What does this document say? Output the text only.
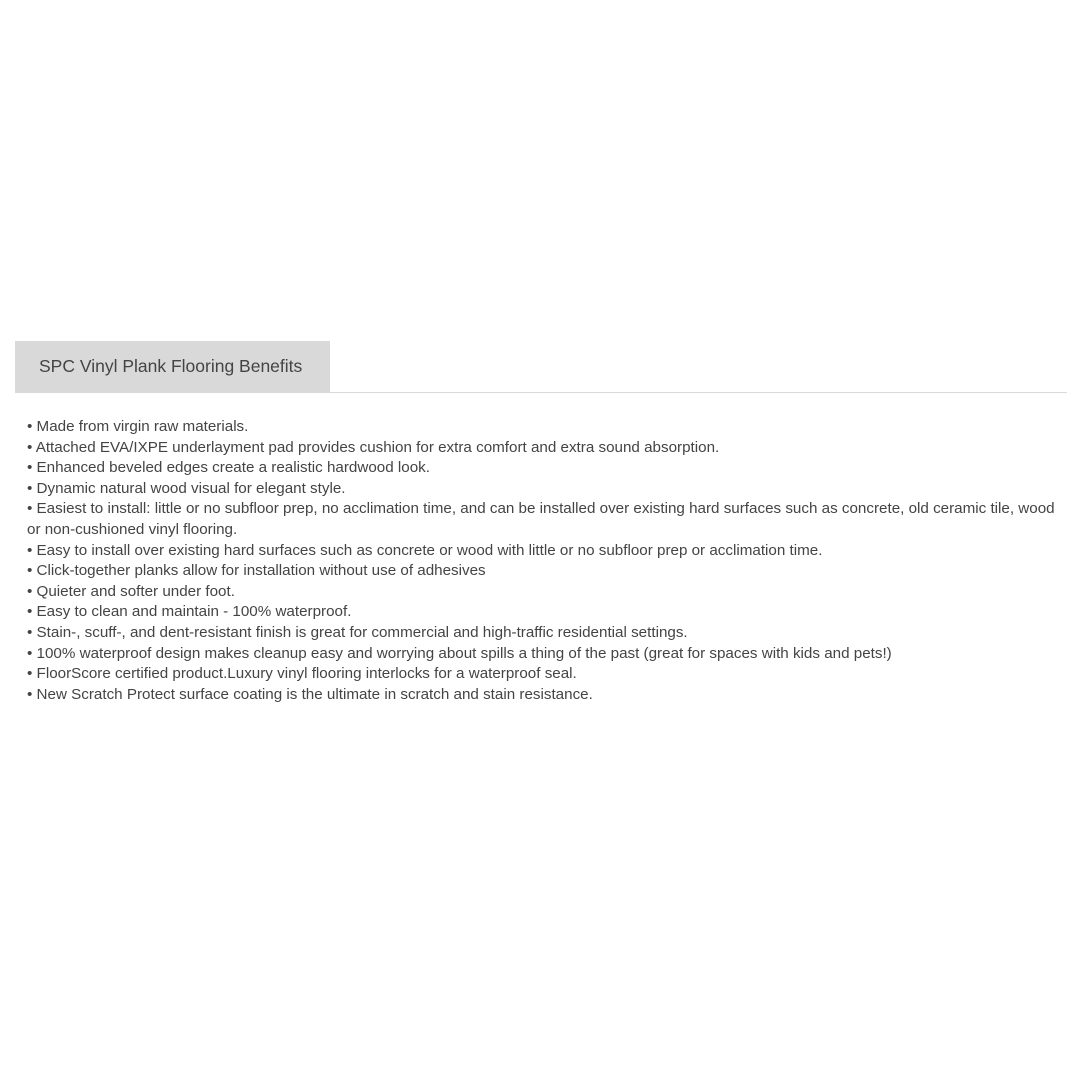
SPC Vinyl Plank Flooring Benefits
• Made from virgin raw materials.
• Attached EVA/IXPE underlayment pad provides cushion for extra comfort and extra sound absorption.
• Enhanced beveled edges create a realistic hardwood look.
• Dynamic natural wood visual for elegant style.
• Easiest to install: little or no subfloor prep, no acclimation time, and can be installed over existing hard surfaces such as concrete, old ceramic tile, wood or non-cushioned vinyl flooring.
• Easy to install over existing hard surfaces such as concrete or wood with little or no subfloor prep or acclimation time.
• Click-together planks allow for installation without use of adhesives
• Quieter and softer under foot.
• Easy to clean and maintain - 100% waterproof.
• Stain-, scuff-, and dent-resistant finish is great for commercial and high-traffic residential settings.
• 100% waterproof design makes cleanup easy and worrying about spills a thing of the past (great for spaces with kids and pets!)
• FloorScore certified product.Luxury vinyl flooring interlocks for a waterproof seal.
• New Scratch Protect surface coating is the ultimate in scratch and stain resistance.
